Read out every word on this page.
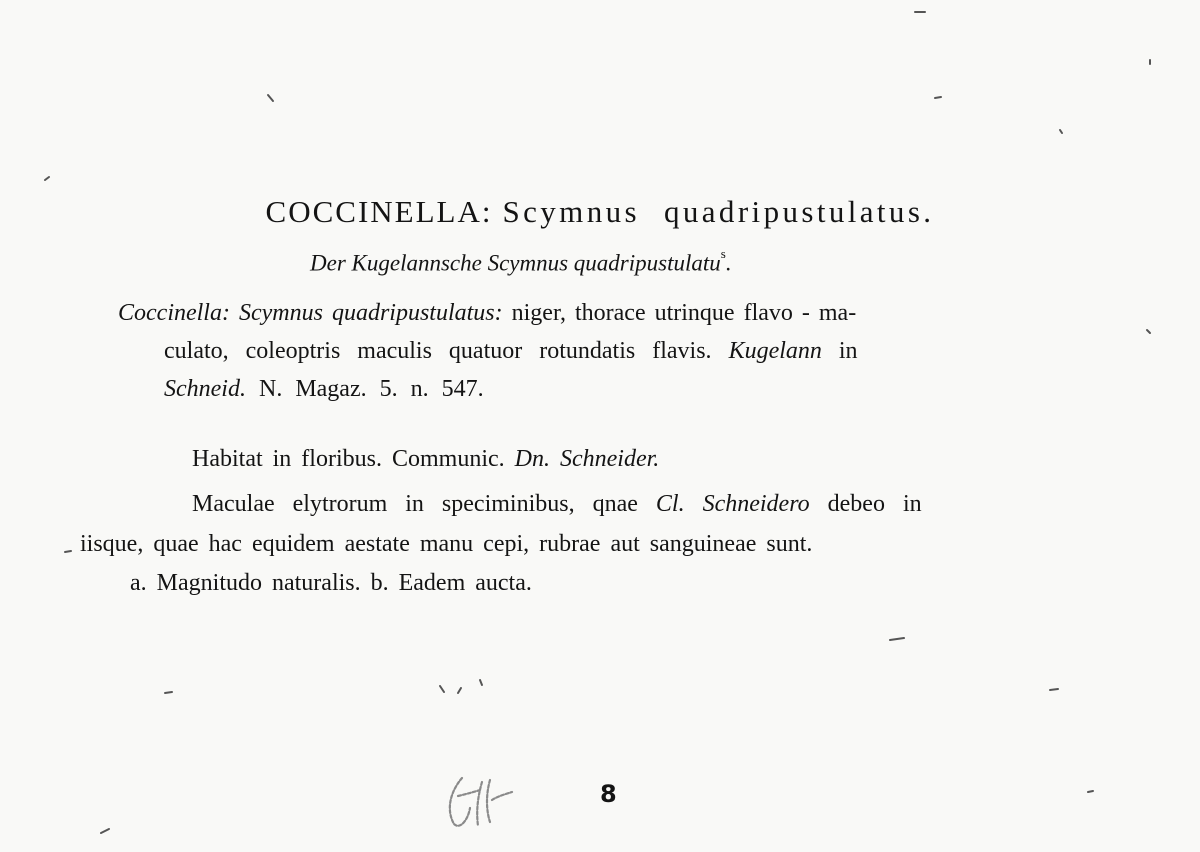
COCCINELLA: Scymnus quadripustulatus.
Der Kugelannsche Scymnus quadripustulatu$^s$.
Coccinella: Scymnus quadripustulatus: niger, thorace utrinque flavo - ma-
culato, coleoptris maculis quatuor rotundatis flavis. Kugelann in
Schneid. N. Magaz. 5. n. 547.
Habitat in floribus. Communic. Dn. Schneider.
Maculae elytrorum in speciminibus, qnae Cl. Schneidero debeo in
iisque, quae hac equidem aestate manu cepi, rubrae aut sanguineae sunt.
a. Magnitudo naturalis. b. Eadem aucta.
8
